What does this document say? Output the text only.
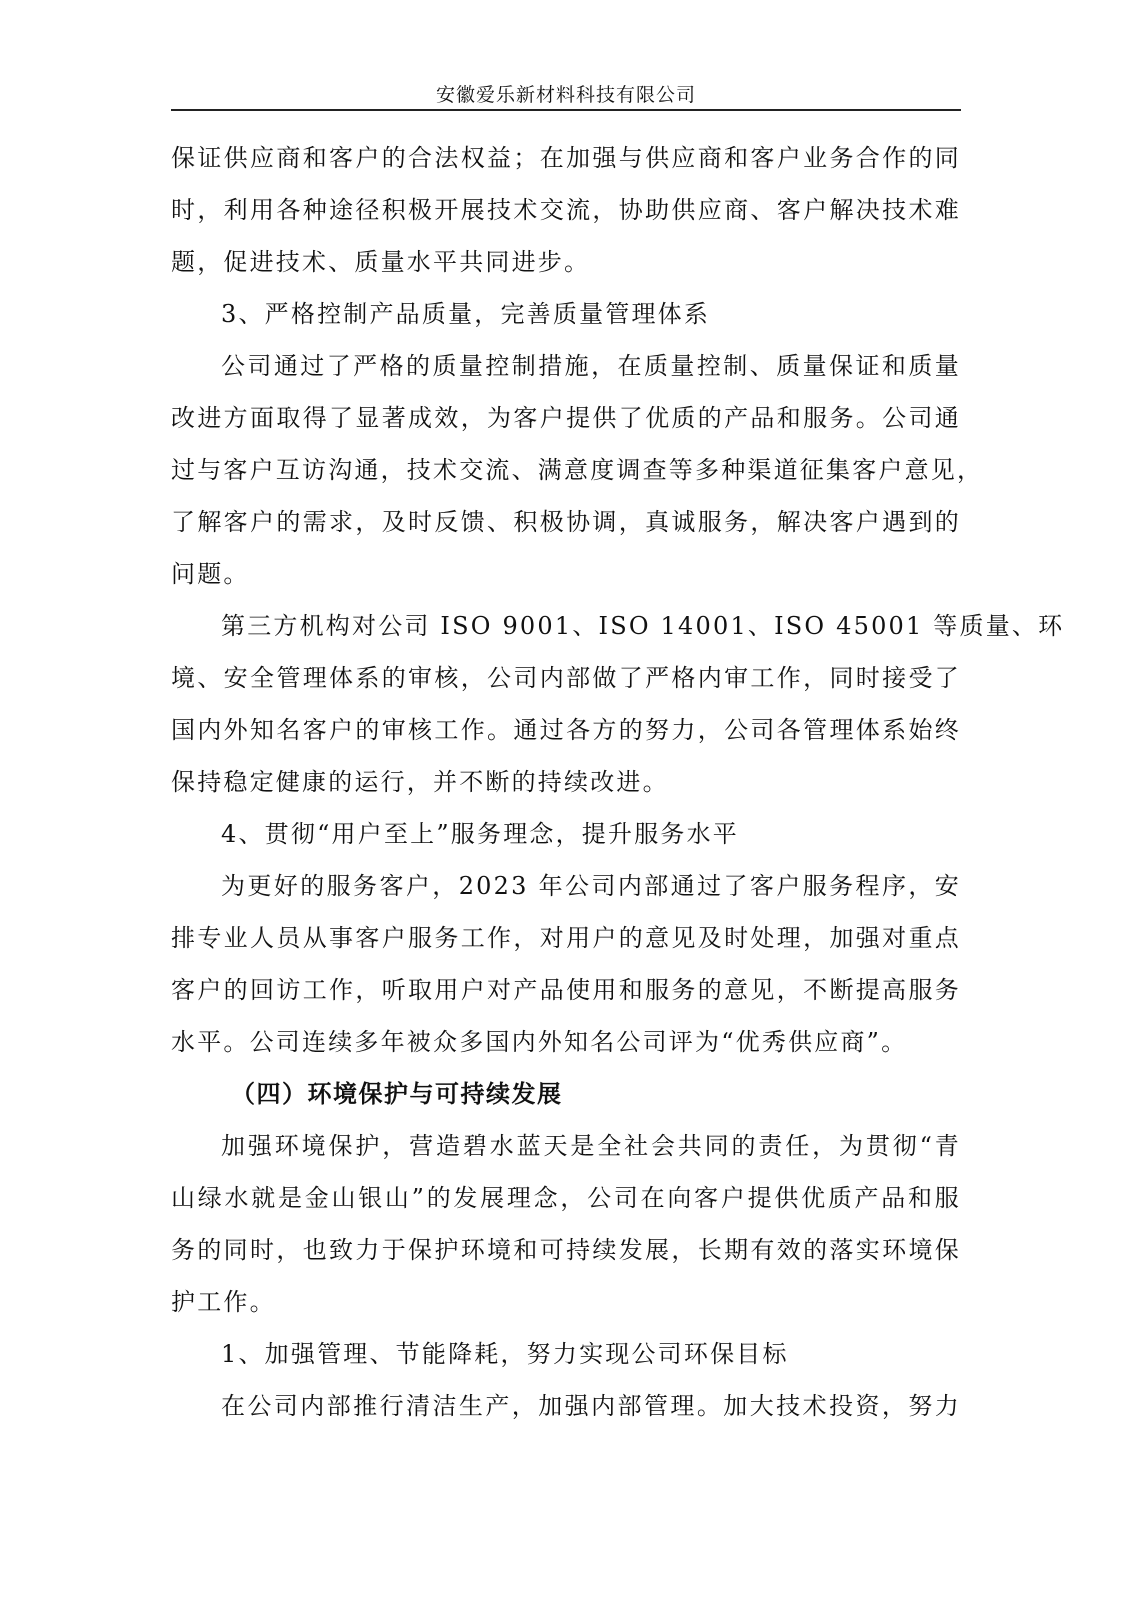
安徽爱乐新材料科技有限公司
保证供应商和客户的合法权益；在加强与供应商和客户业务合作的同
时，利用各种途径积极开展技术交流，协助供应商、客户解决技术难
题，促进技术、质量水平共同进步。
3、严格控制产品质量，完善质量管理体系
公司通过了严格的质量控制措施，在质量控制、质量保证和质量
改进方面取得了显著成效，为客户提供了优质的产品和服务。公司通
过与客户互访沟通，技术交流、满意度调查等多种渠道征集客户意见，
了解客户的需求，及时反馈、积极协调，真诚服务，解决客户遇到的
问题。
第三方机构对公司 ISO 9001、ISO 14001、ISO 45001 等质量、环
境、安全管理体系的审核，公司内部做了严格内审工作，同时接受了
国内外知名客户的审核工作。通过各方的努力，公司各管理体系始终
保持稳定健康的运行，并不断的持续改进。
4、贯彻“用户至上”服务理念，提升服务水平
为更好的服务客户，2023 年公司内部通过了客户服务程序，安
排专业人员从事客户服务工作，对用户的意见及时处理，加强对重点
客户的回访工作，听取用户对产品使用和服务的意见，不断提高服务
水平。公司连续多年被众多国内外知名公司评为“优秀供应商”。
（四）环境保护与可持续发展
加强环境保护，营造碧水蓝天是全社会共同的责任，为贯彻“青
山绿水就是金山银山”的发展理念，公司在向客户提供优质产品和服
务的同时，也致力于保护环境和可持续发展，长期有效的落实环境保
护工作。
1、加强管理、节能降耗，努力实现公司环保目标
在公司内部推行清洁生产，加强内部管理。加大技术投资，努力
